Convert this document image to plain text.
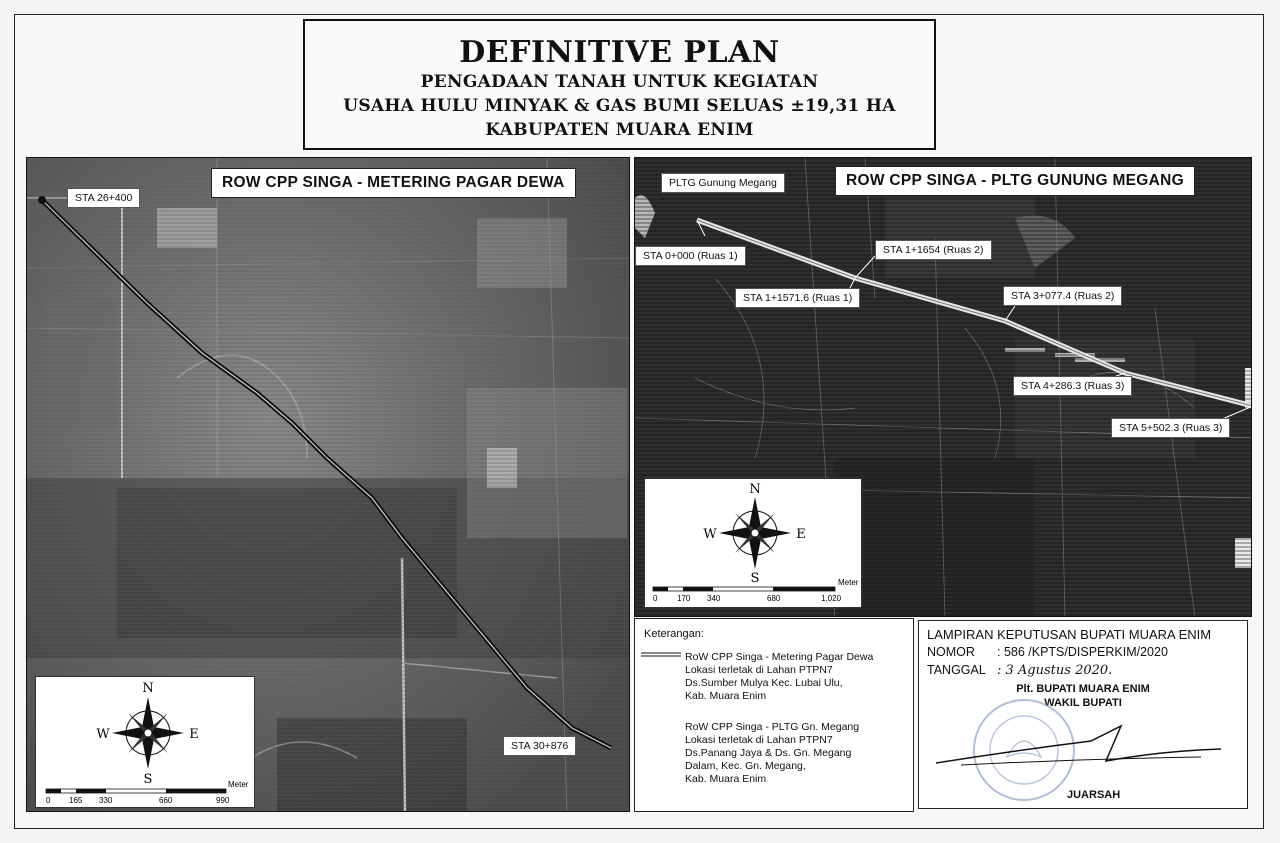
DEFINITIVE PLAN
PENGADAAN TANAH UNTUK KEGIATAN
USAHA HULU MINYAK & GAS BUMI SELUAS ±19,31 HA
KABUPATEN MUARA ENIM
ROW CPP SINGA - METERING PAGAR DEWA
STA 26+400
STA 30+876
N
S
E
W
Meter
0 165 330	660	990
ROW CPP SINGA - PLTG GUNUNG MEGANG
PLTG Gunung Megang
STA 0+000 (Ruas 1)	STA 1+1654 (Ruas 2)
STA 1+1571.6 (Ruas 1)	STA 3+077.4 (Ruas 2)
STA 4+286.3 (Ruas 3)
STA 5+502.3 (Ruas 3)
N
S
E
W
Meter
0 170 340	680	1.020
Keterangan:
RoW CPP Singa - Metering Pagar Dewa
Lokasi terletak di Lahan PTPN7
Ds.Sumber Mulya Kec. Lubai Ulu,
Kab. Muara Enim
RoW CPP Singa - PLTG Gn. Megang
Lokasi terletak di Lahan PTPN7
Ds.Panang Jaya & Ds. Gn. Megang
Dalam, Kec. Gn. Megang,
Kab. Muara Enim
LAMPIRAN KEPUTUSAN BUPATI MUARA ENIM
NOMOR : 586 /KPTS/DISPERKIM/2020
TANGGAL : 3 Agustus 2020.
Plt. BUPATI MUARA ENIM
WAKIL BUPATI
JUARSAH
